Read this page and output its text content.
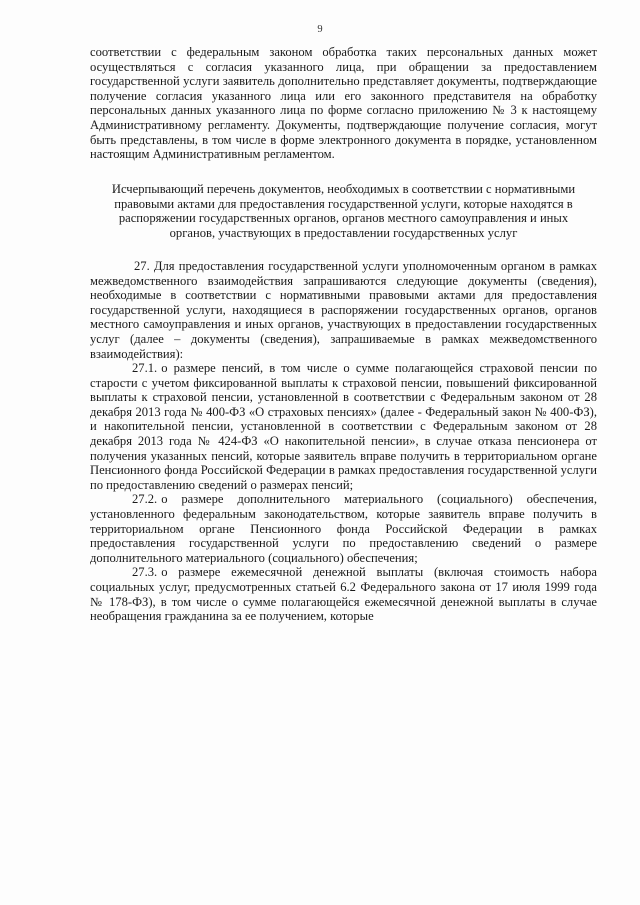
9

соответствии с федеральным законом обработка таких персональных данных может осуществляться с согласия указанного лица, при обращении за предоставлением государственной услуги заявитель дополнительно представляет документы, подтверждающие получение согласия указанного лица или его законного представителя на обработку персональных данных указанного лица по форме согласно приложению № 3 к настоящему Административному регламенту. Документы, подтверждающие получение согласия, могут быть представлены, в том числе в форме электронного документа в порядке, установленном настоящим Административным регламентом.

Исчерпывающий перечень документов, необходимых в соответствии с нормативными правовыми актами для предоставления государственной услуги, которые находятся в распоряжении государственных органов, органов местного самоуправления и иных органов, участвующих в предоставлении государственных услуг

27. Для предоставления государственной услуги уполномоченным органом в рамках межведомственного взаимодействия запрашиваются следующие документы (сведения), необходимые в соответствии с нормативными правовыми актами для предоставления государственной услуги, находящиеся в распоряжении государственных органов, органов местного самоуправления и иных органов, участвующих в предоставлении государственных услуг (далее – документы (сведения), запрашиваемые в рамках межведомственного взаимодействия):

27.1. о размере пенсий, в том числе о сумме полагающейся страховой пенсии по старости с учетом фиксированной выплаты к страховой пенсии, повышений фиксированной выплаты к страховой пенсии, установленной в соответствии с Федеральным законом от 28 декабря 2013 года № 400-ФЗ «О страховых пенсиях» (далее - Федеральный закон № 400-ФЗ), и накопительной пенсии, установленной в соответствии с Федеральным законом от 28 декабря 2013 года № 424-ФЗ «О накопительной пенсии», в случае отказа пенсионера от получения указанных пенсий, которые заявитель вправе получить в территориальном органе Пенсионного фонда Российской Федерации в рамках предоставления государственной услуги по предоставлению сведений о размерах пенсий;

27.2. о размере дополнительного материального (социального) обеспечения, установленного федеральным законодательством, которые заявитель вправе получить в территориальном органе Пенсионного фонда Российской Федерации в рамках предоставления государственной услуги по предоставлению сведений о размере дополнительного материального (социального) обеспечения;

27.3. о размере ежемесячной денежной выплаты (включая стоимость набора социальных услуг, предусмотренных статьей 6.2 Федерального закона от 17 июля 1999 года № 178-ФЗ), в том числе о сумме полагающейся ежемесячной денежной выплаты в случае необращения гражданина за ее получением, которые
